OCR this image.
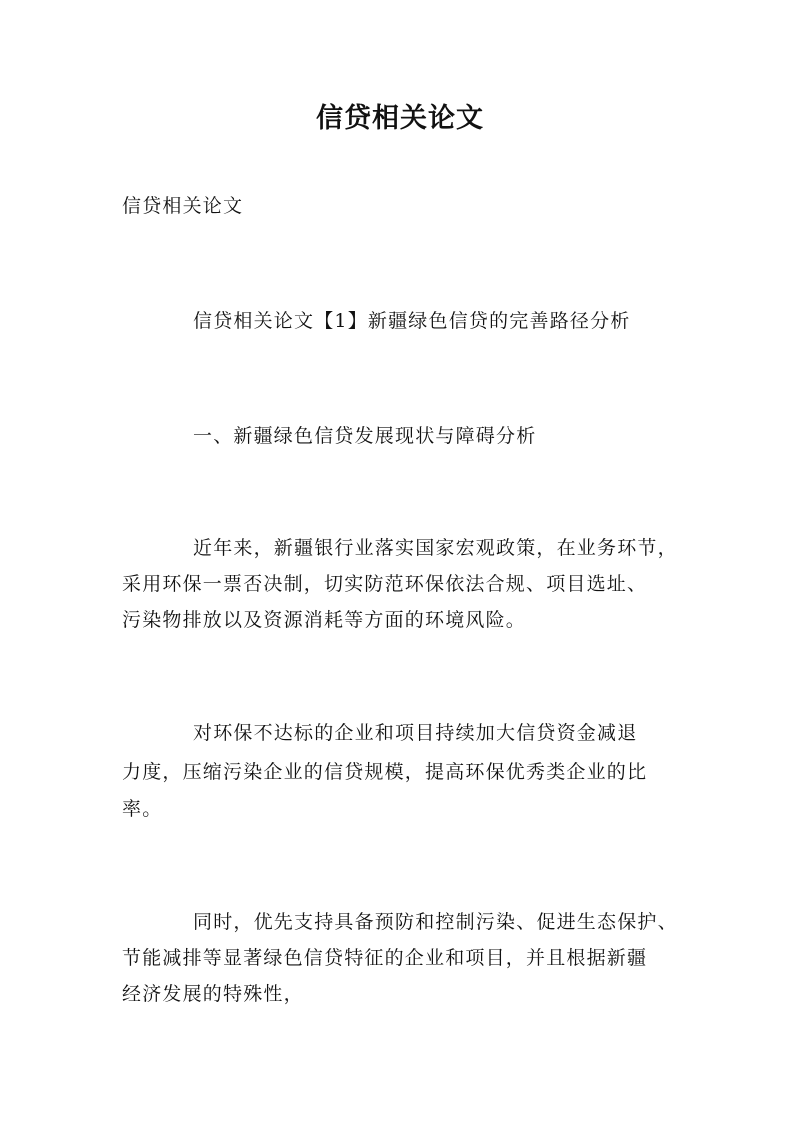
信贷相关论文
信贷相关论文
信贷相关论文【1】新疆绿色信贷的完善路径分析
一、新疆绿色信贷发展现状与障碍分析
近年来，新疆银行业落实国家宏观政策，在业务环节，
采用环保一票否决制，切实防范环保依法合规、项目选址、
污染物排放以及资源消耗等方面的环境风险。
对环保不达标的企业和项目持续加大信贷资金减退
力度，压缩污染企业的信贷规模，提高环保优秀类企业的比
率。
同时，优先支持具备预防和控制污染、促进生态保护、
节能减排等显著绿色信贷特征的企业和项目，并且根据新疆
经济发展的特殊性，
